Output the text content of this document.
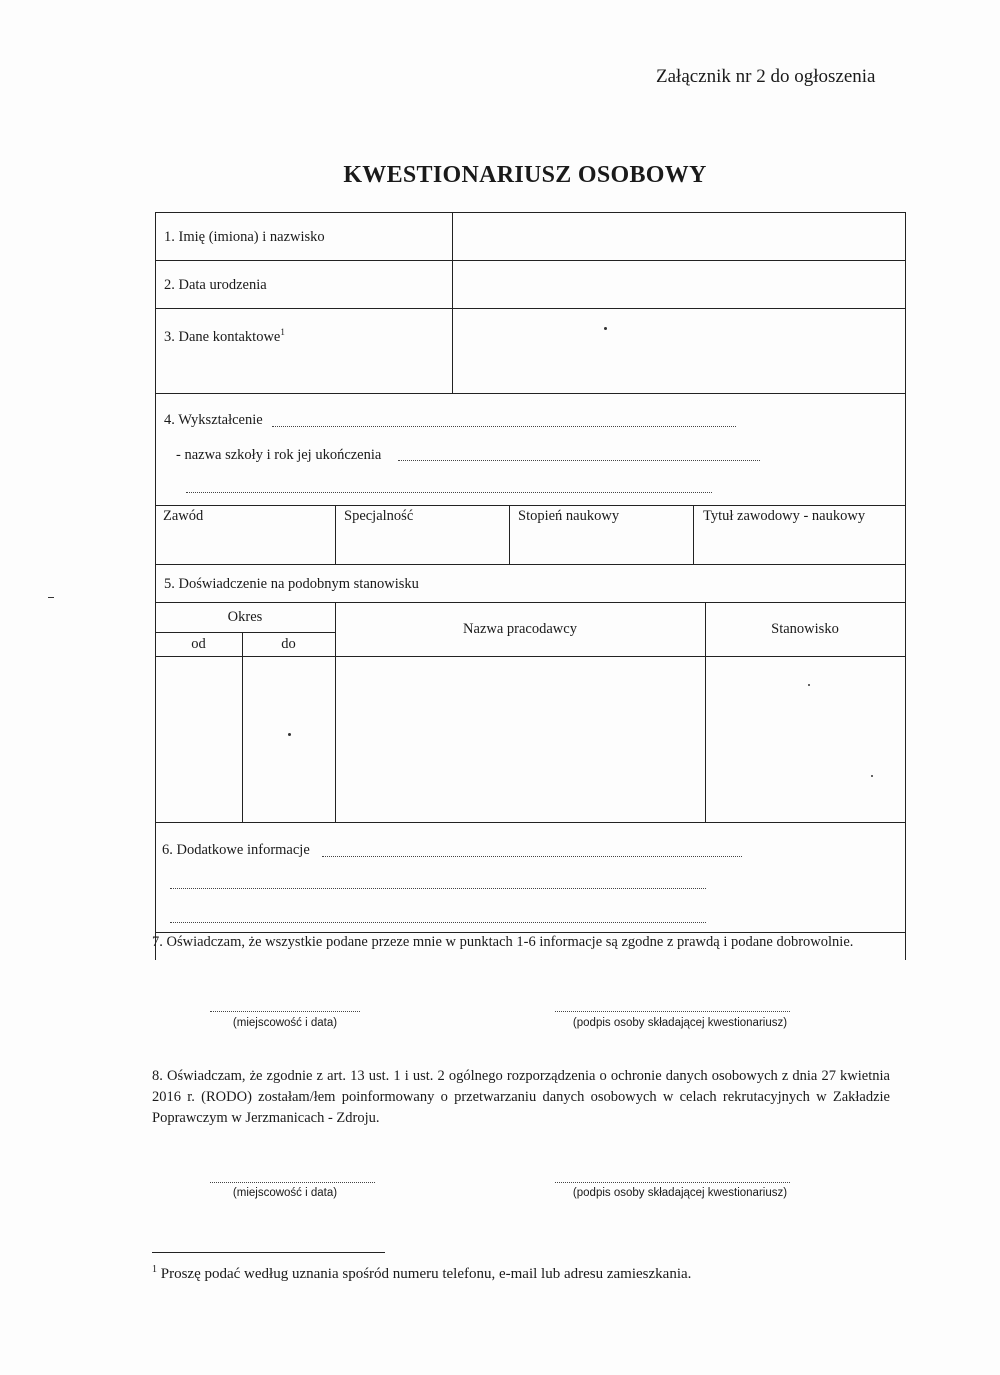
Załącznik nr 2 do ogłoszenia
KWESTIONARIUSZ OSOBOWY
1. Imię (imiona) i nazwisko
2. Data urodzenia
3. Dane kontaktowe$^1$
4. Wykształcenie
- nazwa szkoły i rok jej ukończenia
Zawód	Specjalność	Stopień naukowy	Tytuł zawodowy - naukowy
5. Doświadczenie na podobnym stanowisku
Okres
od	do
Nazwa pracodawcy	Stanowisko
6. Dodatkowe informacje
7. Oświadczam, że wszystkie podane przeze mnie w punktach 1-6 informacje są zgodne z prawdą i podane dobrowolnie.
(miejscowość i data)	(podpis osoby składającej kwestionariusz)
8. Oświadczam, że zgodnie z art. 13 ust. 1 i ust. 2 ogólnego rozporządzenia o ochronie danych osobowych z dnia 27 kwietnia 2016 r. (RODO) zostałam/łem poinformowany o przetwarzaniu danych osobowych w celach rekrutacyjnych w Zakładzie Poprawczym w Jerzmanicach - Zdroju.
(miejscowość i data)	(podpis osoby składającej kwestionariusz)
$^1$ Proszę podać według uznania spośród numeru telefonu, e-mail lub adresu zamieszkania.
